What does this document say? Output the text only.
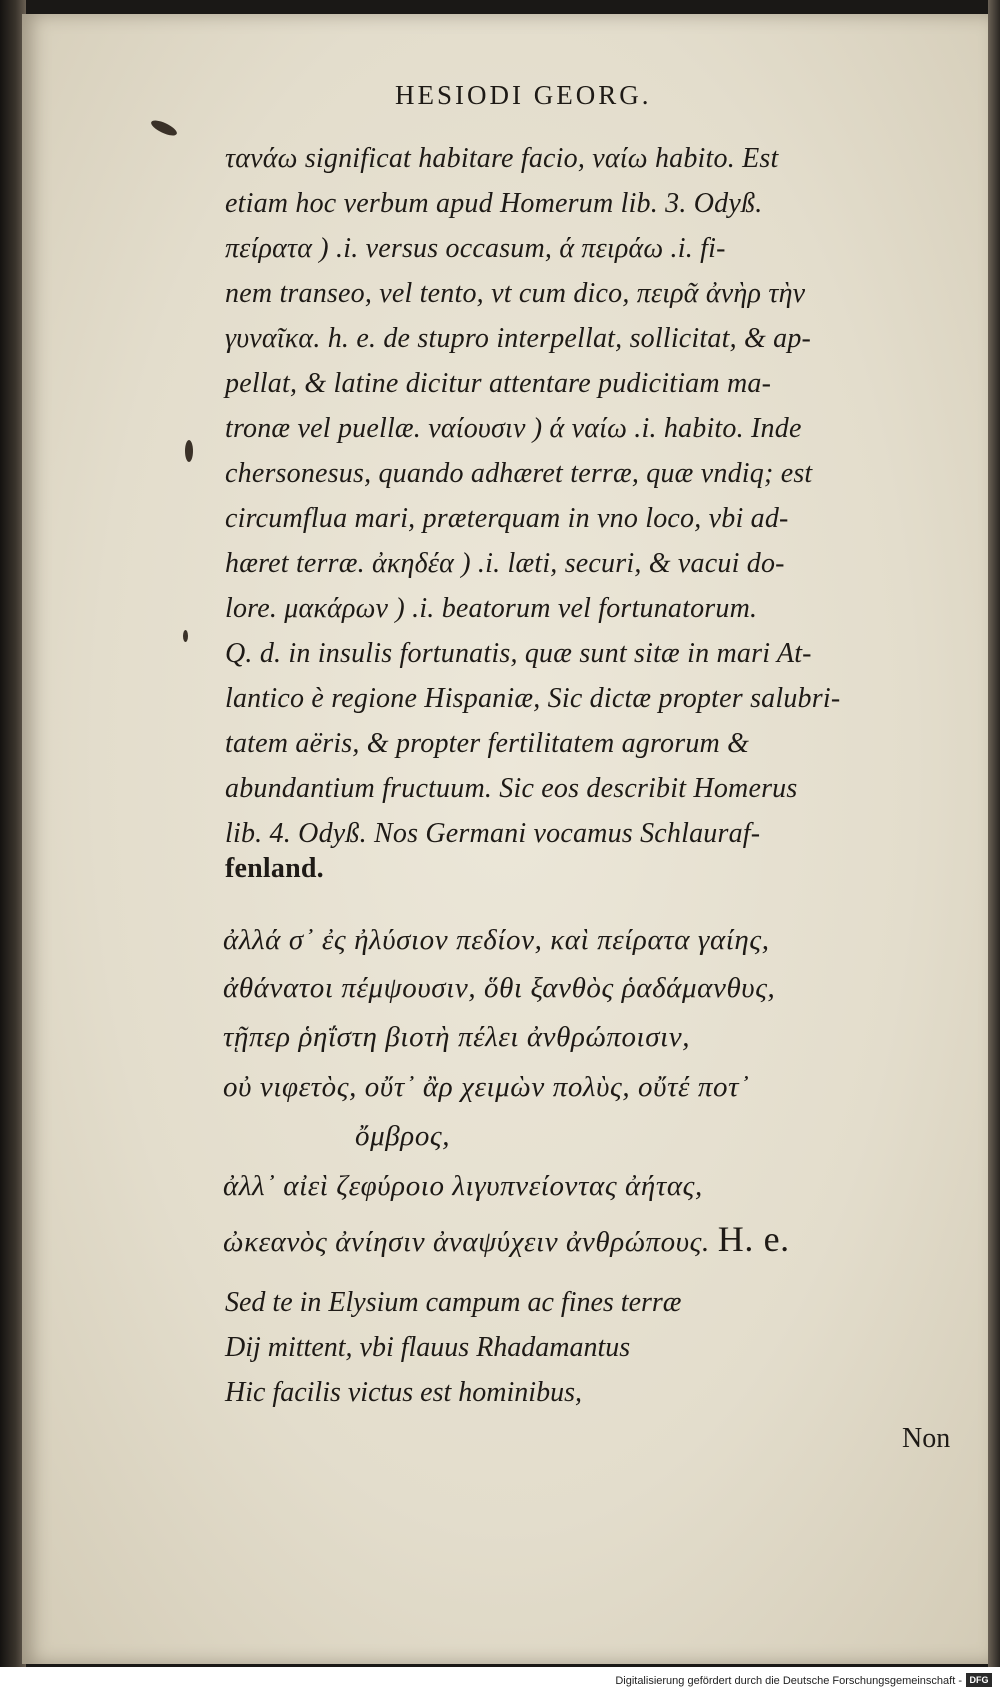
HESIODI GEORG.
τανάω significat habitare facio, ναίω habito. Est
etiam hoc verbum apud Homerum lib. 3. Odyß.
πείρατα ) .i. versus occasum, ά πειράω .i. fi-
nem transeo, vel tento, vt cum dico, πειρᾶ ἀνὴρ τὴν
γυναῖκα. h. e. de stupro interpellat, sollicitat, & ap-
pellat, & latine dicitur attentare pudicitiam ma-
tronæ vel puellæ. ναίουσιν ) ά ναίω .i. habito. Inde
chersonesus, quando adhæret terræ, quæ vndiq; est
circumflua mari, præterquam in vno loco, vbi ad-
hæret terræ. ἀκηδέα ) .i. læti, securi, & vacui do-
lore. μακάρων ) .i. beatorum vel fortunatorum.
Q. d. in insulis fortunatis, quæ sunt sitæ in mari At-
lantico è regione Hispaniæ, Sic dictæ propter salubri-
tatem aëris, & propter fertilitatem agrorum &
abundantium fructuum. Sic eos describit Homerus
lib. 4. Odyß. Nos Germani vocamus Schlauraf-
fenland.
ἀλλά σ᾽ ἐς ἠλύσιον πεδίον, καὶ πείρατα γαίης,
ἀθάνατοι πέμψουσιν, ὅθι ξανθὸς ῥαδάμανθυς,
τῇπερ ῥηΐστη βιοτὴ πέλει ἀνθρώποισιν,
οὐ νιφετὸς, οὔτ᾽ ἂρ χειμὼν πολὺς, οὔτέ ποτ᾽
ὄμβρος,
ἀλλ᾽ αἰεὶ ζεφύροιο λιγυπνείοντας ἀήτας,
ὠκεανὸς ἀνίησιν ἀναψύχειν ἀνθρώπους. H. e.
Sed te in Elysium campum ac fines terræ
Dij mittent, vbi flauus Rhadamantus
Hic facilis victus est hominibus,
Non
Digitalisierung gefördert durch die Deutsche Forschungsgemeinschaft - DFG
